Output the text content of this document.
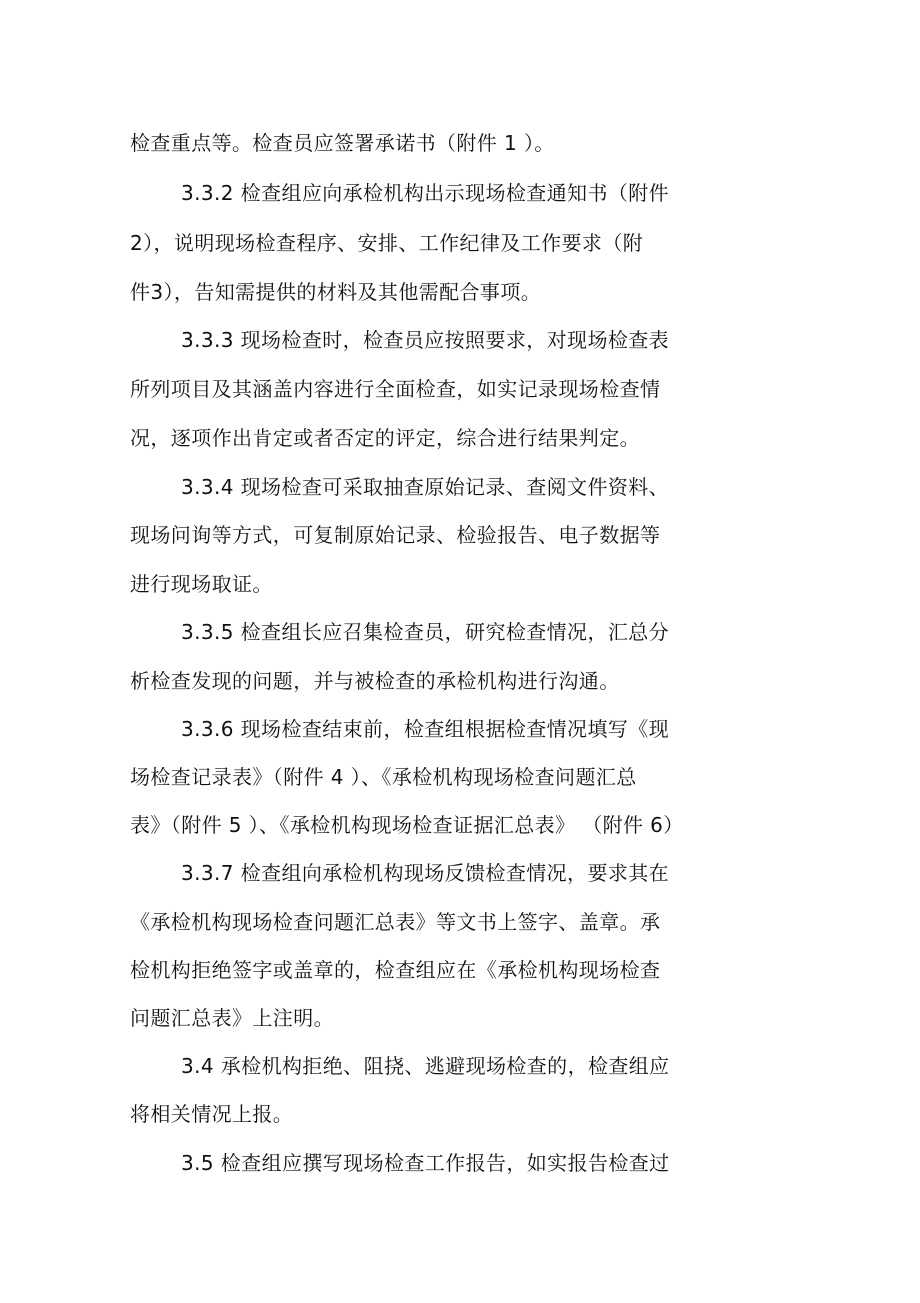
检查重点等。检查员应签署承诺书（附件 1 ）。
3.3.2 检查组应向承检机构出示现场检查通知书（附件
2），说明现场检查程序、安排、工作纪律及工作要求（附
件3），告知需提供的材料及其他需配合事项。
3.3.3 现场检查时，检查员应按照要求，对现场检查表
所列项目及其涵盖内容进行全面检查，如实记录现场检查情
况，逐项作出肯定或者否定的评定，综合进行结果判定。
3.3.4 现场检查可采取抽查原始记录、查阅文件资料、
现场问询等方式，可复制原始记录、检验报告、电子数据等
进行现场取证。
3.3.5 检查组长应召集检查员，研究检查情况，汇总分
析检查发现的问题，并与被检查的承检机构进行沟通。
3.3.6 现场检查结束前，检查组根据检查情况填写《现
场检查记录表》（附件 4 ）、《承检机构现场检查问题汇总
表》（附件 5 ）、《承检机构现场检查证据汇总表》 （附件 6）
3.3.7 检查组向承检机构现场反馈检查情况，要求其在
《承检机构现场检查问题汇总表》等文书上签字、盖章。承
检机构拒绝签字或盖章的，检查组应在《承检机构现场检查
问题汇总表》上注明。
3.4 承检机构拒绝、阻挠、逃避现场检查的，检查组应
将相关情况上报。
3.5 检查组应撰写现场检查工作报告，如实报告检查过
